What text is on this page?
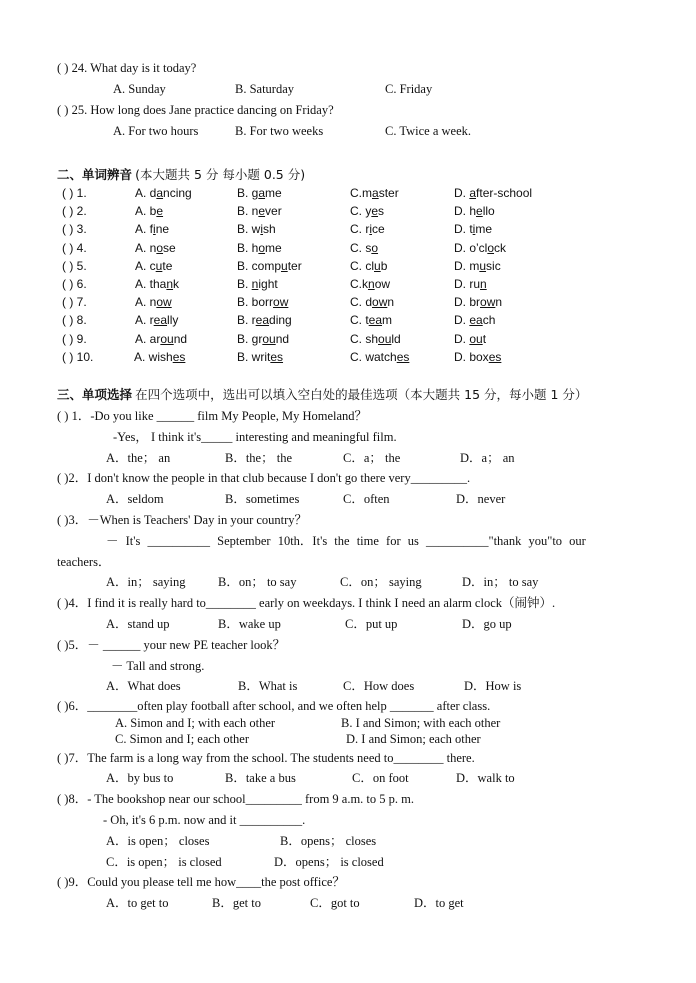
( ) 24. What day is it today?
A. Sunday	B. Saturday	C. Friday
( ) 25. How long does Jane practice dancing on Friday?
A. For two hours	B. For two weeks	C. Twice a week.
二、单词辨音 (本大题共 5 分 每小题 0.5 分)
( ) 1.	A. dancing	B. game	C.master	D. after-school
( ) 2.	A. be	B. never	C. yes	D. hello
( ) 3.	A. fine	B. wish	C. rice	D. time
( ) 4.	A. nose	B. home	C. so	D. o’clock
( ) 5.	A. cute	B. computer	C. club	D. music
( ) 6.	A. thank	B. night	C.know	D. run
( ) 7.	A. now	B. borrow	C. down	D. brown
( ) 8.	A. really	B. reading	C. team	D. each
( ) 9.	A. around	B. ground	C. should	D. out
( ) 10.	A. wishes	B. writes	C. watches	D. boxes
三、单项选择 在四个选项中，选出可以填入空白处的最佳选项（本大题共 15 分，每小题 1 分）
( ) 1．-Do you like ______ film My People, My Homeland？
-Yes， I think it's_____ interesting and meaningful film.
A．the； an	B．the； the	C．a； the	D．a； an
( )2．I don't know the people in that club because I don't go there very_________.
A．seldom	B．sometimes	C．often	D．never
( )3．－When is Teachers' Day in your country？
－ It's __________ September 10th．It's the time for us __________"thank you"to our
teachers．
A．in； saying	B．on； to say	C．on； saying	D．in； to say
( )4．I find it is really hard to________ early on weekdays. I think I need an alarm clock（闹钟）.
A．stand up	B．wake up	C．put up	D．go up
( )5．－ ______ your new PE teacher look？
－ Tall and strong.
A．What does	B．What is	C．How does	D．How is
( )6．________often play football after school, and we often help _______ after class.
A. Simon and I; with each other	B. I and Simon; with each other
C. Simon and I; each other	D. I and Simon; each other
( )7．The farm is a long way from the school. The students need to________ there.
A．by bus to	B．take a bus	C．on foot	D．walk to
( )8．- The bookshop near our school_________ from 9 a.m. to 5 p. m.
- Oh, it's 6 p.m. now and it __________.
A．is open； closes	B．opens； closes
C．is open； is closed	D．opens； is closed
( )9．Could you please tell me how____the post office？
A．to get to	B．get to	C．got to	D．to get
